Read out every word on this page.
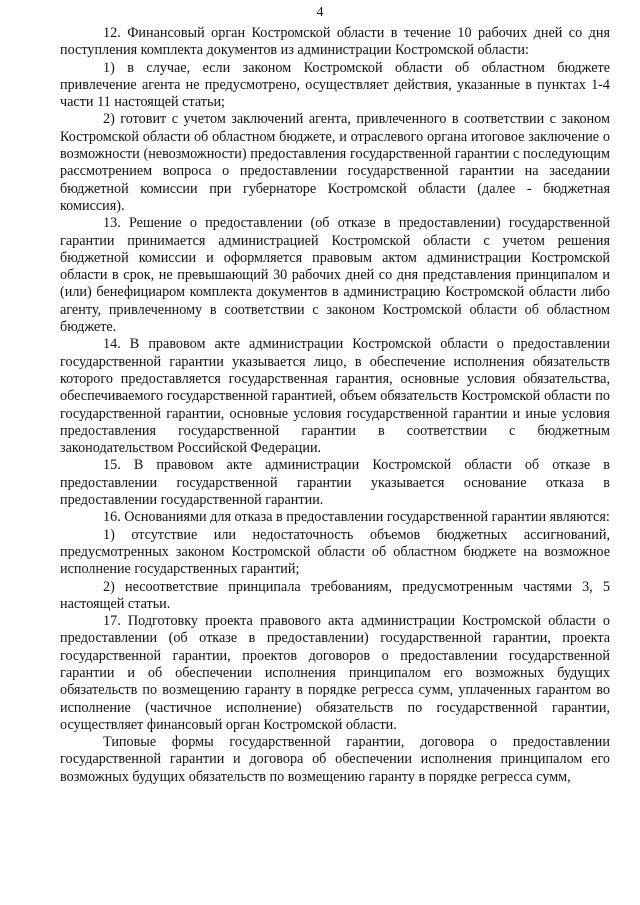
4

12. Финансовый орган Костромской области в течение 10 рабочих дней со дня поступления комплекта документов из администрации Костромской области:

1) в случае, если законом Костромской области об областном бюджете привлечение агента не предусмотрено, осуществляет действия, указанные в пунктах 1-4 части 11 настоящей статьи;

2) готовит с учетом заключений агента, привлеченного в соответствии с законом Костромской области об областном бюджете, и отраслевого органа итоговое заключение о возможности (невозможности) предоставления государственной гарантии с последующим рассмотрением вопроса о предоставлении государственной гарантии на заседании бюджетной комиссии при губернаторе Костромской области (далее - бюджетная комиссия).

13. Решение о предоставлении (об отказе в предоставлении) государственной гарантии принимается администрацией Костромской области с учетом решения бюджетной комиссии и оформляется правовым актом администрации Костромской области в срок, не превышающий 30 рабочих дней со дня представления принципалом и (или) бенефициаром комплекта документов в администрацию Костромской области либо агенту, привлеченному в соответствии с законом Костромской области об областном бюджете.

14. В правовом акте администрации Костромской области о предоставлении государственной гарантии указывается лицо, в обеспечение исполнения обязательств которого предоставляется государственная гарантия, основные условия обязательства, обеспечиваемого государственной гарантией, объем обязательств Костромской области по государственной гарантии, основные условия государственной гарантии и иные условия предоставления государственной гарантии в соответствии с бюджетным законодательством Российской Федерации.

15. В правовом акте администрации Костромской области об отказе в предоставлении государственной гарантии указывается основание отказа в предоставлении государственной гарантии.

16. Основаниями для отказа в предоставлении государственной гарантии являются:

1) отсутствие или недостаточность объемов бюджетных ассигнований, предусмотренных законом Костромской области об областном бюджете на возможное исполнение государственных гарантий;

2) несоответствие принципала требованиям, предусмотренным частями 3, 5 настоящей статьи.

17. Подготовку проекта правового акта администрации Костромской области о предоставлении (об отказе в предоставлении) государственной гарантии, проекта государственной гарантии, проектов договоров о предоставлении государственной гарантии и об обеспечении исполнения принципалом его возможных будущих обязательств по возмещению гаранту в порядке регресса сумм, уплаченных гарантом во исполнение (частичное исполнение) обязательств по государственной гарантии, осуществляет финансовый орган Костромской области.

Типовые формы государственной гарантии, договора о предоставлении государственной гарантии и договора об обеспечении исполнения принципалом его возможных будущих обязательств по возмещению гаранту в порядке регресса сумм,
